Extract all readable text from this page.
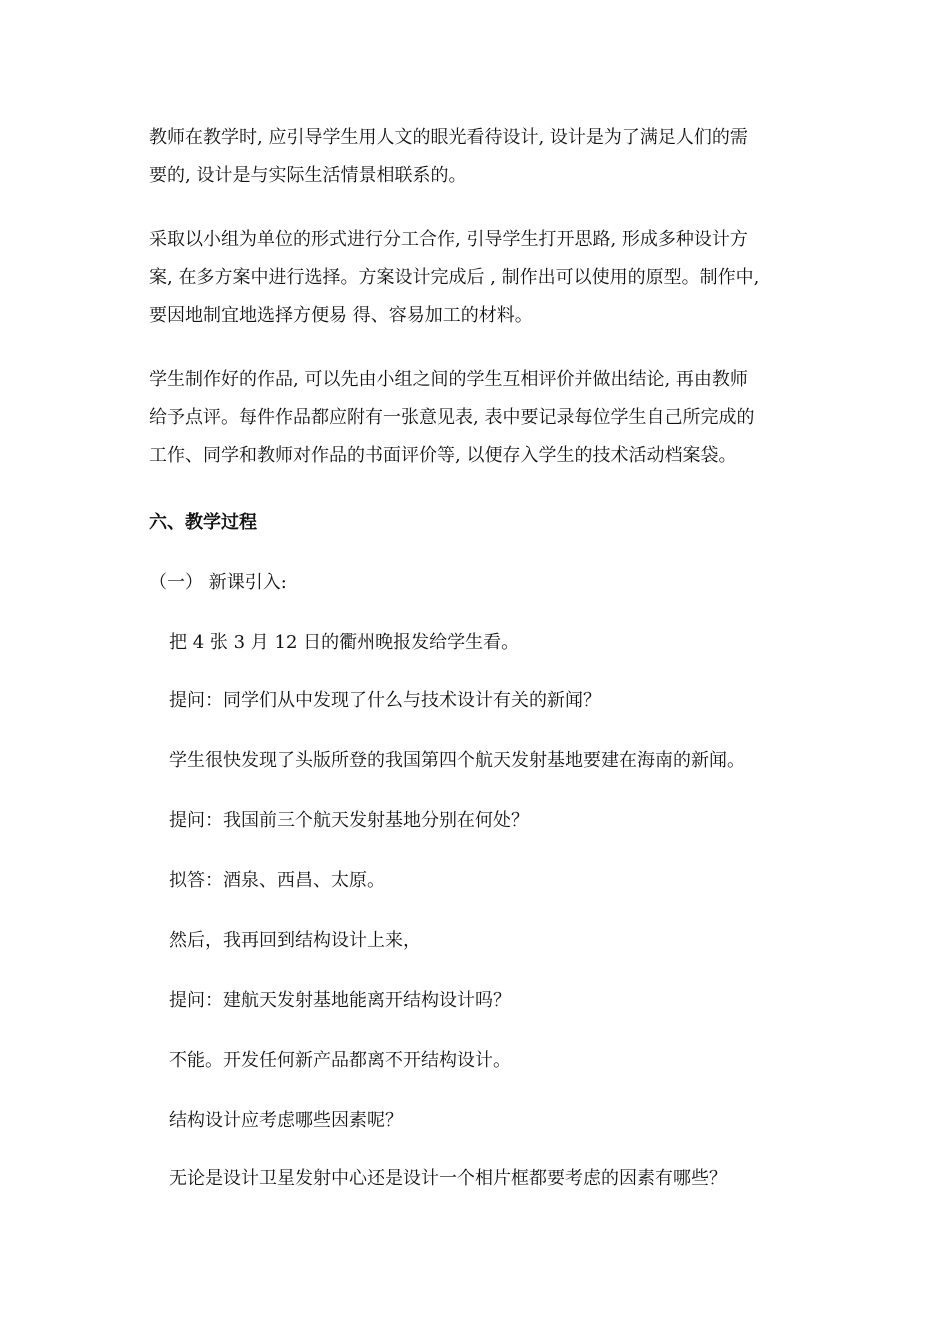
教师在教学时, 应引导学生用人文的眼光看待设计, 设计是为了满足人们的需
要的, 设计是与实际生活情景相联系的。
采取以小组为单位的形式进行分工合作, 引导学生打开思路, 形成多种设计方
案, 在多方案中进行选择。方案设计完成后 , 制作出可以使用的原型。制作中,
要因地制宜地选择方便易 得、容易加工的材料。
学生制作好的作品, 可以先由小组之间的学生互相评价并做出结论, 再由教师
给予点评。每件作品都应附有一张意见表, 表中要记录每位学生自己所完成的
工作、同学和教师对作品的书面评价等, 以便存入学生的技术活动档案袋。
六、教学过程
（一） 新课引入:
把 4 张 3 月 12 日的衢州晚报发给学生看。
提问：同学们从中发现了什么与技术设计有关的新闻？
学生很快发现了头版所登的我国第四个航天发射基地要建在海南的新闻。
提问：我国前三个航天发射基地分别在何处？
拟答：酒泉、西昌、太原。
然后，我再回到结构设计上来，
提问：建航天发射基地能离开结构设计吗？
不能。开发任何新产品都离不开结构设计。
结构设计应考虑哪些因素呢？
无论是设计卫星发射中心还是设计一个相片框都要考虑的因素有哪些？
